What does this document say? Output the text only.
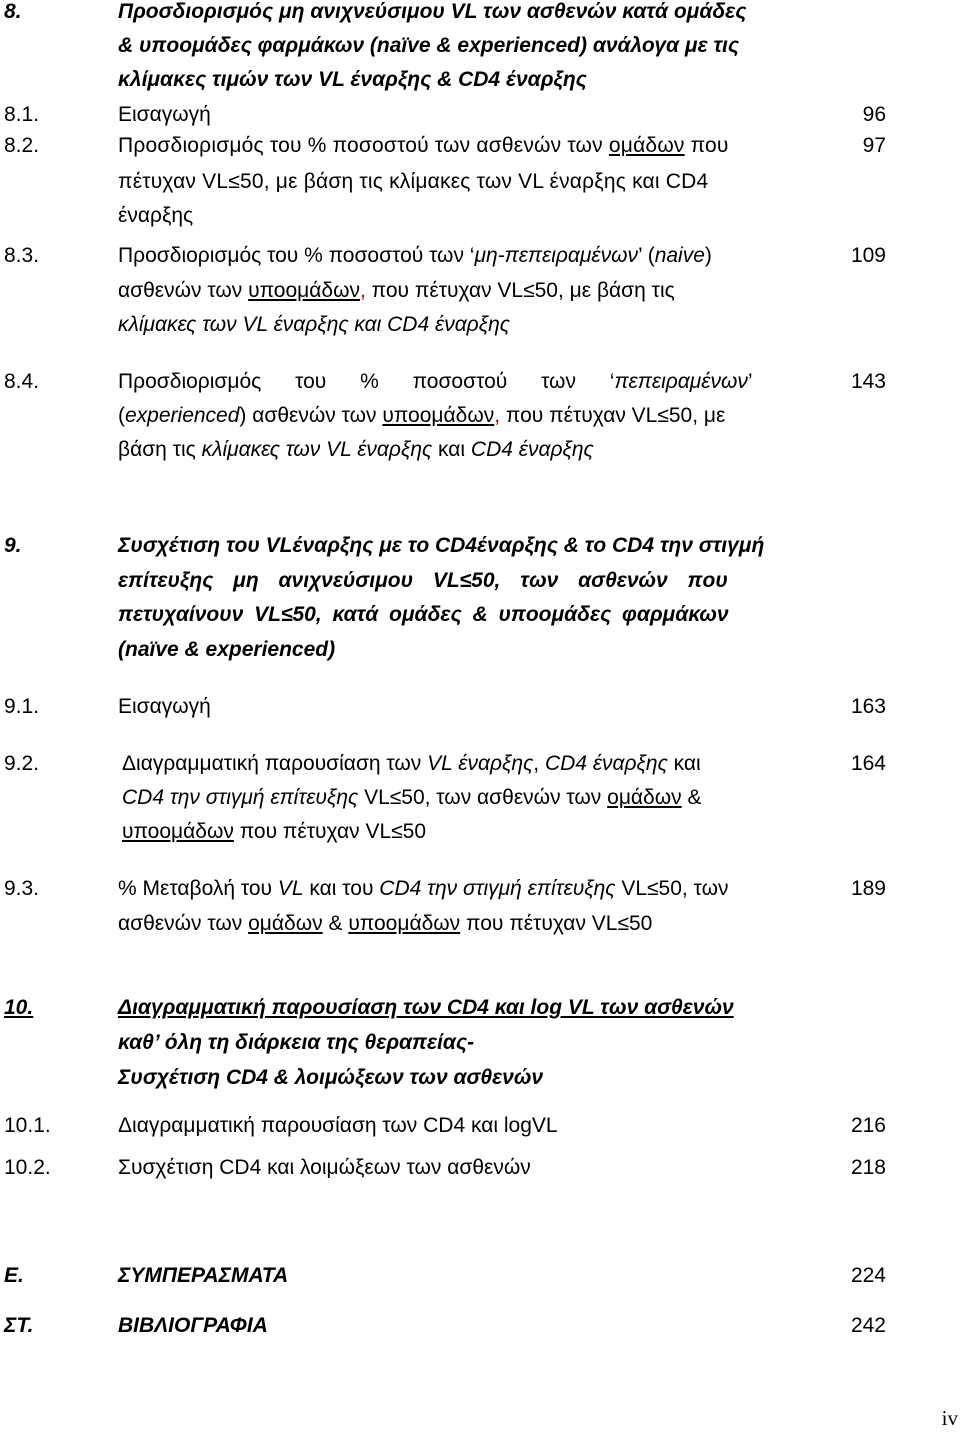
8.	Προσδιορισμός μη ανιχνεύσιμου VL των ασθενών κατά ομάδες
& υποομάδες φαρμάκων (naïve & experienced) ανάλογα με τις
κλίμακες τιμών των VL έναρξης & CD4 έναρξης
8.1.	Εισαγωγή	96
8.2.	Προσδιορισμός του % ποσοστού των ασθενών των ομάδων που	97
πέτυχαν VL≤50, με βάση τις κλίμακες των VL έναρξης και CD4
έναρξης
8.3.	Προσδιορισμός του % ποσοστού των ‘μη-πεπειραμένων’ (naive)	109
ασθενών των υποομάδων, που πέτυχαν VL≤50, με βάση τις
κλίμακες των VL έναρξης και CD4 έναρξης
8.4.	Προσδιορισμός του % ποσοστού των ‘πεπειραμένων’	143
(experienced) ασθενών των υποομάδων, που πέτυχαν VL≤50, με
βάση τις κλίμακες των VL έναρξης και CD4 έναρξης
9.	Συσχέτιση του VLέναρξης με το CD4έναρξης & το CD4 την στιγμή
επίτευξης μη ανιχνεύσιμου VL≤50, των ασθενών που
πετυχαίνουν VL≤50, κατά ομάδες & υποομάδες φαρμάκων
(naïve & experienced)
9.1.	Εισαγωγή	163
9.2.	Διαγραμματική παρουσίαση των VL έναρξης, CD4 έναρξης και	164
CD4 την στιγμή επίτευξης VL≤50, των ασθενών των ομάδων &
υποομάδων που πέτυχαν VL≤50
9.3.	% Μεταβολή του VL και του CD4 την στιγμή επίτευξης VL≤50, των	189
ασθενών των ομάδων & υποομάδων που πέτυχαν VL≤50
10.	Διαγραμματική παρουσίαση των CD4 και log VL των ασθενών
καθ’ όλη τη διάρκεια της θεραπείας-
Συσχέτιση CD4 & λοιμώξεων των ασθενών
10.1.	Διαγραμματική παρουσίαση των CD4 και logVL	216
10.2.	Συσχέτιση CD4 και λοιμώξεων των ασθενών	218
Ε.	ΣΥΜΠΕΡΑΣΜΑΤΑ	224
ΣΤ.	ΒΙΒΛΙΟΓΡΑΦΙΑ	242
iv
